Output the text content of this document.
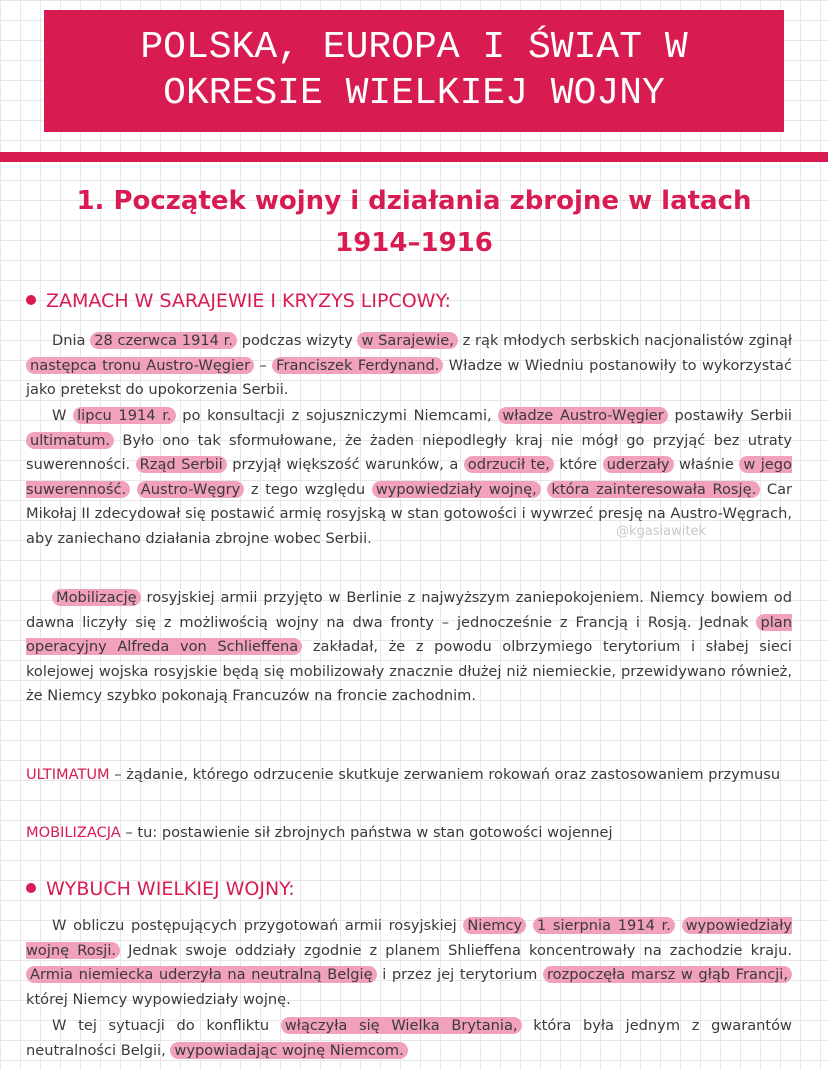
POLSKA, EUROPA I ŚWIAT W
OKRESIE WIELKIEJ WOJNY
1. Początek wojny i działania zbrojne w latach
1914–1916
ZAMACH W SARAJEWIE I KRYZYS LIPCOWY:
@kgasiawitek

Dnia 28 czerwca 1914 r. podczas wizyty w Sarajewie, z rąk młodych serbskich nacjonalistów zginął następca tronu Austro-Węgier – Franciszek Ferdynand. Władze w Wiedniu postanowiły to wykorzystać jako pretekst do upokorzenia Serbii.

W lipcu 1914 r. po konsultacji z sojuszniczymi Niemcami, władze Austro-Węgier postawiły Serbii ultimatum. Było ono tak sformułowane, że żaden niepodległy kraj nie mógł go przyjąć bez utraty suwerenności. Rząd Serbii przyjął większość warunków, a odrzucił te, które uderzały właśnie w jego suwerenność. Austro-Węgry z tego względu wypowiedziały wojnę, która zainteresowała Rosję. Car Mikołaj II zdecydował się postawić armię rosyjską w stan gotowości i wywrzeć presję na Austro-Węgrach, aby zaniechano działania zbrojne wobec Serbii.

Mobilizację rosyjskiej armii przyjęto w Berlinie z najwyższym zaniepokojeniem. Niemcy bowiem od dawna liczyły się z możliwością wojny na dwa fronty – jednocześnie z Francją i Rosją. Jednak plan operacyjny Alfreda von Schlieffena zakładał, że z powodu olbrzymiego terytorium i słabej sieci kolejowej wojska rosyjskie będą się mobilizowały znacznie dłużej niż niemieckie, przewidywano również, że Niemcy szybko pokonają Francuzów na froncie zachodnim.

ULTIMATUM – żądanie, którego odrzucenie skutkuje zerwaniem rokowań oraz zastosowaniem przymusu

MOBILIZACJA – tu: postawienie sił zbrojnych państwa w stan gotowości wojennej

WYBUCH WIELKIEJ WOJNY:

W obliczu postępujących przygotowań armii rosyjskiej Niemcy 1 sierpnia 1914 r. wypowiedziały wojnę Rosji. Jednak swoje oddziały zgodnie z planem Shlieffena koncentrowały na zachodzie kraju. Armia niemiecka uderzyła na neutralną Belgię i przez jej terytorium rozpoczęła marsz w głąb Francji, której Niemcy wypowiedziały wojnę.

W tej sytuacji do konfliktu włączyła się Wielka Brytania, która była jednym z gwarantów neutralności Belgii, wypowiadając wojnę Niemcom.
